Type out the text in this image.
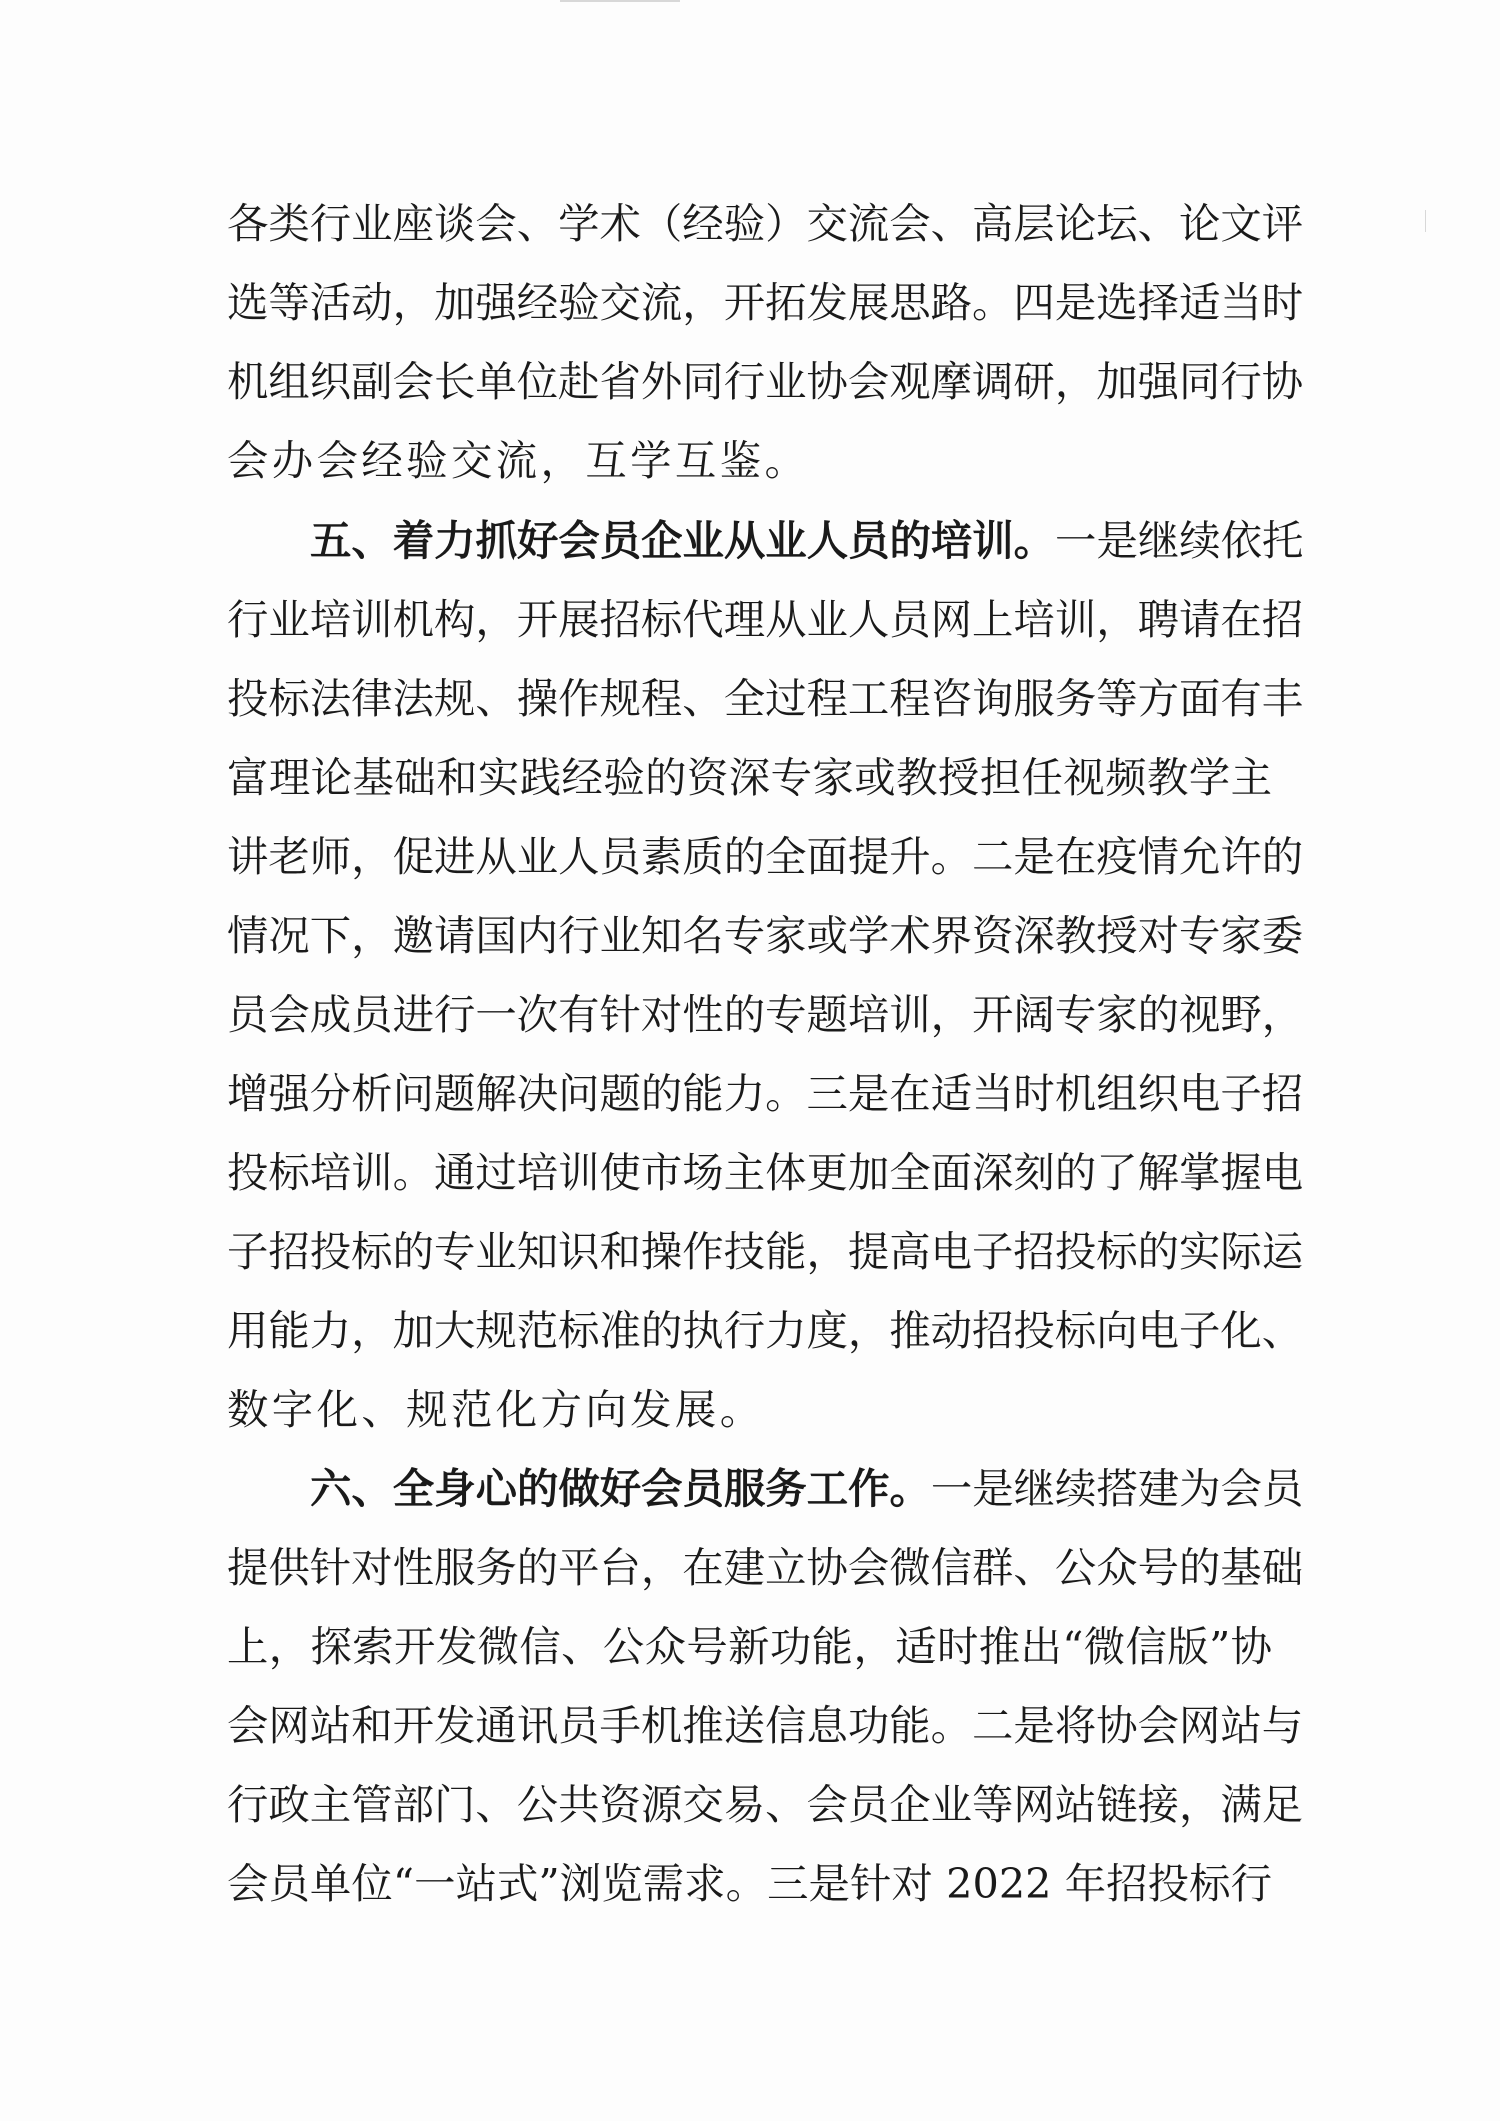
各类行业座谈会、学术（经验）交流会、高层论坛、论文评
选等活动，加强经验交流，开拓发展思路。四是选择适当时
机组织副会长单位赴省外同行业协会观摩调研，加强同行协
会办会经验交流，互学互鉴。
五、着力抓好会员企业从业人员的培训。一是继续依托
行业培训机构，开展招标代理从业人员网上培训，聘请在招
投标法律法规、操作规程、全过程工程咨询服务等方面有丰
富理论基础和实践经验的资深专家或教授担任视频教学主
讲老师，促进从业人员素质的全面提升。二是在疫情允许的
情况下，邀请国内行业知名专家或学术界资深教授对专家委
员会成员进行一次有针对性的专题培训，开阔专家的视野，
增强分析问题解决问题的能力。三是在适当时机组织电子招
投标培训。通过培训使市场主体更加全面深刻的了解掌握电
子招投标的专业知识和操作技能，提高电子招投标的实际运
用能力，加大规范标准的执行力度，推动招投标向电子化、
数字化、规范化方向发展。
六、全身心的做好会员服务工作。一是继续搭建为会员
提供针对性服务的平台，在建立协会微信群、公众号的基础
上，探索开发微信、公众号新功能，适时推出“微信版”协
会网站和开发通讯员手机推送信息功能。二是将协会网站与
行政主管部门、公共资源交易、会员企业等网站链接，满足
会员单位“一站式”浏览需求。三是针对 2022 年招投标行
